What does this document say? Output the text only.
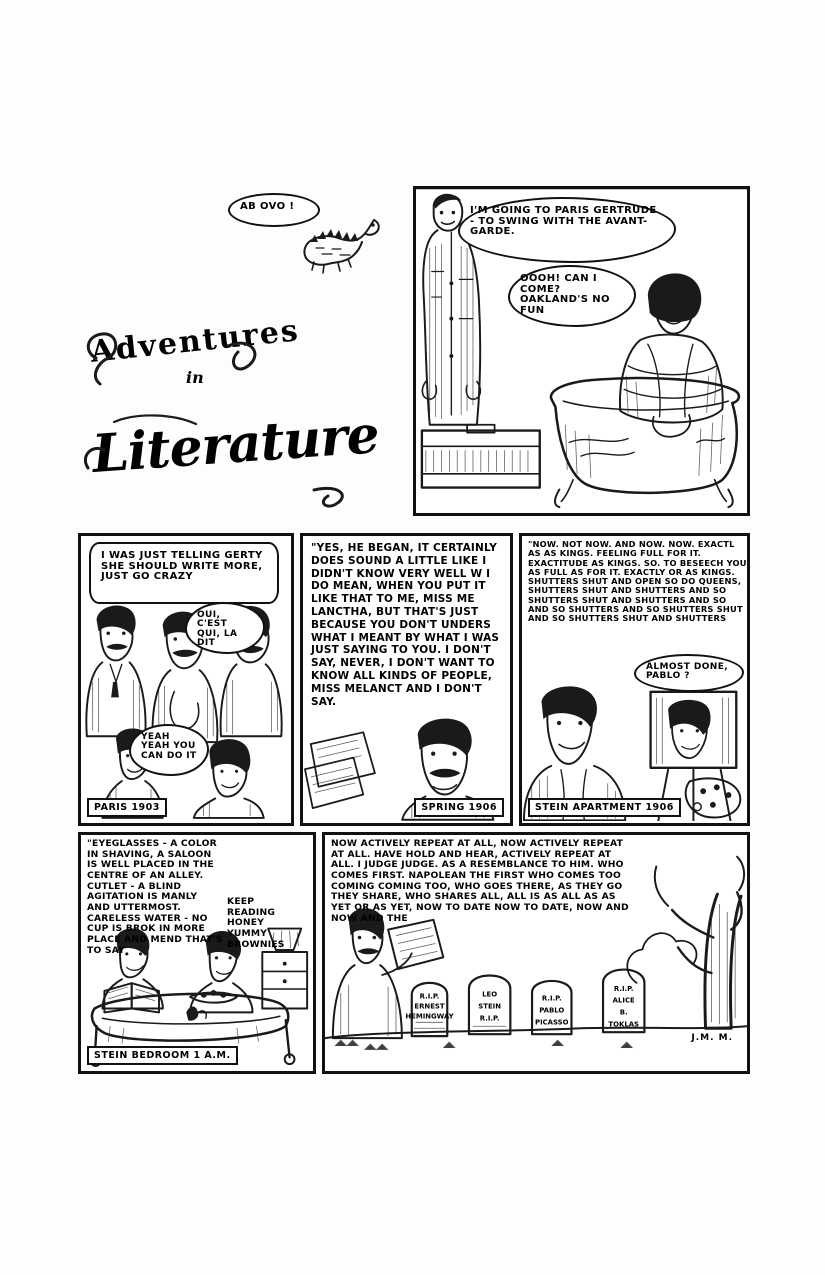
AB OVO !
Adventures
in
Literature
I'M GOING TO PARIS GERTRUDE - TO SWING WITH THE AVANT-GARDE.
OOOH! CAN I COME? OAKLAND'S NO FUN
I WAS JUST TELLING GERTY SHE SHOULD WRITE MORE, JUST GO CRAZY
OUI, C'EST QUI, LA DIT
YEAH YEAH YOU CAN DO IT
PARIS 1903
"YES, HE BEGAN, IT CERTAINLY DOES SOUND A LITTLE LIKE I DIDN'T KNOW VERY WELL W I DO MEAN, WHEN YOU PUT IT LIKE THAT TO ME, MISS ME LANCTHA, BUT THAT'S JUST BECAUSE YOU DON'T UNDERS WHAT I MEANT BY WHAT I WAS JUST SAYING TO YOU. I DON'T SAY, NEVER, I DON'T WANT TO KNOW ALL KINDS OF PEOPLE, MISS MELANCT AND I DON'T SAY.
SPRING 1906
"NOW. NOT NOW. AND NOW. NOW. EXACTL AS AS KINGS. FEELING FULL FOR IT. EXACTITUDE AS KINGS. SO. TO BESEECH YOU AS FULL AS FOR IT. EXACTLY OR AS KINGS. SHUTTERS SHUT AND OPEN SO DO QUEENS, SHUTTERS SHUT AND SHUTTERS AND SO SHUTTERS SHUT AND SHUTTERS AND SO AND SO SHUTTERS AND SO SHUTTERS SHUT AND SO SHUTTERS SHUT AND SHUTTERS
ALMOST DONE, PABLO ?
STEIN APARTMENT 1906
"EYEGLASSES - A COLOR IN SHAVING, A SALOON IS WELL PLACED IN THE CENTRE OF AN ALLEY. CUTLET - A BLIND AGITATION IS MANLY AND UTTERMOST. CARELESS WATER - NO CUP IS BROK IN MORE PLACE AND MEND THAT'S TO SAY
KEEP READING HONEY YUMMY BROWNIES
STEIN BEDROOM 1 A.M.
R.I.P.
ERNEST
HEMINGWAY
LEO
STEIN
R.I.P.
R.I.P.
PABLO
PICASSO
R.I.P.
ALICE
B.
TOKLAS
NOW ACTIVELY REPEAT AT ALL, NOW ACTIVELY REPEAT AT ALL. HAVE HOLD AND HEAR, ACTIVELY REPEAT AT ALL. I JUDGE JUDGE. AS A RESEMBLANCE TO HIM. WHO COMES FIRST. NAPOLEAN THE FIRST WHO COMES TOO COMING COMING TOO, WHO GOES THERE, AS THEY GO THEY SHARE, WHO SHARES ALL, ALL IS AS ALL AS AS YET OR AS YET, NOW TO DATE NOW TO DATE, NOW AND NOW AND THE
J.M. M.
